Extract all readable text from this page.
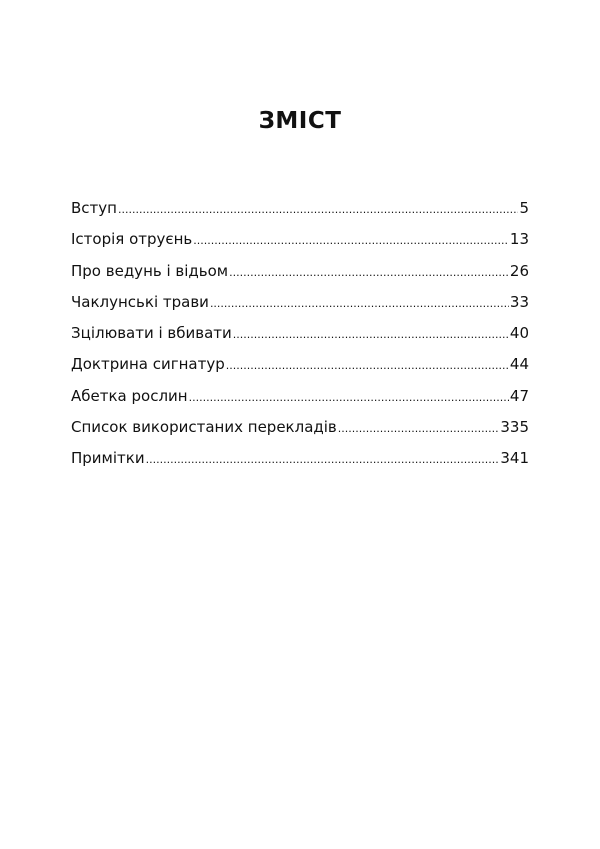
ЗМІСТ
Вступ .....	5
Історія отруєнь .....	13
Про ведунь і відьом .....	26
Чаклунські трави .....	33
Зцілювати і вбивати .....	40
Доктрина сигнатур .....	44
Абетка рослин .....	47
Список використаних перекладів .....	335
Примітки .....	341
